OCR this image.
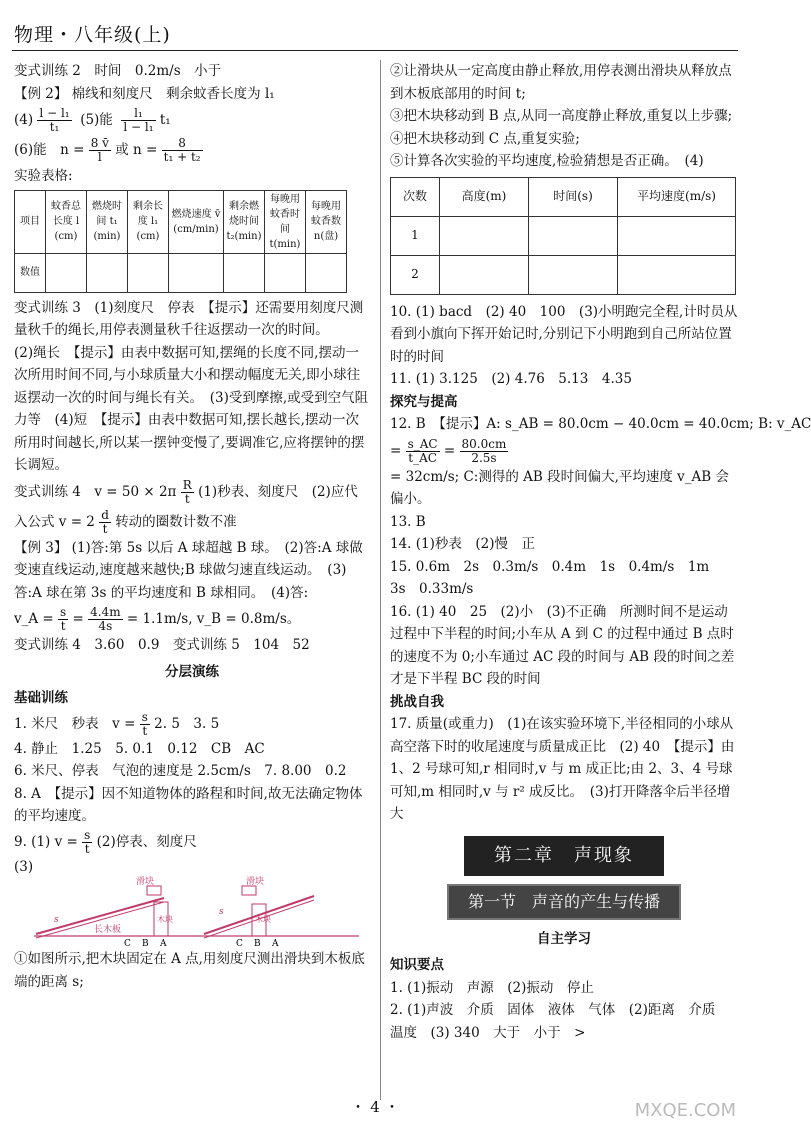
物理・八年级(上)
变式训练 2　时间　0.2m/s　小于
【例 2】 棉线和刻度尺　剩余蚊香长度为 l₁
$(4) \frac{\text{l − l₁}}{\text{t₁}} (5)$能 $\frac{\text{l₁}}{\text{l − l₁}} t_1$
(6)能　$n = \frac{8 v̄}{l}$ 或 $n = \frac{8}{\text{t₁ + t₂}}$
实验表格:
项目	蚊香总长度 l (cm)	燃烧时间 t₁ (min)	剩余长度 l₁ (cm)	燃烧速度 v̄ (cm/min)	剩余燃烧时间 t₂(min)	每晚用蚊香时间 t(min)	每晚用蚊香数 n(盘)
数值							
变式训练 3　(1)刻度尺　停表　【提示】还需要用刻度尺测量秋千的绳长,用停表测量秋千往返摆动一次的时间。
(2)绳长　【提示】由表中数据可知,摆绳的长度不同,摆动一次所用时间不同,与小球质量大小和摆动幅度无关,即小球往返摆动一次的时间与绳长有关。　(3)受到摩擦,或受到空气阻力等　(4)短　【提示】由表中数据可知,摆长越长,摆动一次所用时间越长,所以某一摆钟变慢了,要调准它,应将摆钟的摆长调短。
变式训练 4　$v = 50 \times 2\pi \frac{R}{t} (1)$秒表、刻度尺　(2)应代
入公式 $v = 2 \frac{d}{t}$ 转动的圈数计数不准
【例 3】 (1)答:第 5s 以后 A 球超越 B 球。　(2)答:A 球做变速直线运动,速度越来越快;B 球做匀速直线运动。　(3)答:A 球在第 3s 的平均速度和 B 球相同。　(4)答:
v_A = $\frac{s}{t} = \frac{4.4m}{4s} = 1.1m/s$, v_B = 0.8m/s。
变式训练 4　3.60　0.9　变式训练 5　104　52
分层演练
基础训练
1. 米尺　秒表　$v = \frac{s}{t} 2$. 5　3. 5
4. 静止　1.25　5. 0.1　0.12　CB　AC
6. 米尺、停表　气泡的速度是 2.5cm/s　7. 8.00　0.2
8. A　【提示】因不知道物体的路程和时间,故无法确定物体的平均速度。
9. (1) $v = \frac{s}{t} (2)$停表、刻度尺
(3)
滑块
长木板
木块
s
C B A
滑块
木块
s
C B A
①如图所示,把木块固定在 A 点,用刻度尺测出滑块到木板底端的距离 s;
②让滑块从一定高度由静止释放,用停表测出滑块从释放点到木板底部用的时间 t;
③把木块移动到 B 点,从同一高度静止释放,重复以上步骤;
④把木块移动到 C 点,重复实验;
⑤计算各次实验的平均速度,检验猜想是否正确。　(4)
次数	高度(m)	时间(s)	平均速度(m/s)
1			
2			
10. (1) bacd　(2) 40　100　(3)小明跑完全程,计时员从看到小旗向下挥开始记时,分别记下小明跑到自己所站位置时的时间
11. (1) 3.125　(2) 4.76　5.13　4.35
探究与提高
12. B　【提示】A: s_AB = 80.0cm − 40.0cm = 40.0cm; B: v_AC
= $\frac{s\_AC}{t\_AC} = \frac{80.0cm}{2.5s}$
= 32cm/s; C:测得的 AB 段时间偏大,平均速度 v_AB 会偏小。
13. B
14. (1)秒表　(2)慢　正
15. 0.6m　2s　0.3m/s　0.4m　1s　0.4m/s　1m　3s　0.33m/s
16. (1) 40　25　(2)小　(3)不正确　所测时间不是运动过程中下半程的时间;小车从 A 到 C 的过程中通过 B 点时的速度不为 0;小车通过 AC 段的时间与 AB 段的时间之差才是下半程 BC 段的时间
挑战自我
17. 质量(或重力)　(1)在该实验环境下,半径相同的小球从高空落下时的收尾速度与质量成正比　(2) 40　【提示】由 1、2 号球可知,r 相同时,v 与 m 成正比;由 2、3、4 号球可知,m 相同时,v 与 r² 成反比。　(3)打开降落伞后半径增大
第二章　声现象
第一节　声音的产生与传播
自主学习
知识要点
1. (1)振动　声源　(2)振动　停止
2. (1)声波　介质　固体　液体　气体　(2)距离　介质
温度　(3) 340　大于　小于　>
・ 4 ・	MXQE.COM
